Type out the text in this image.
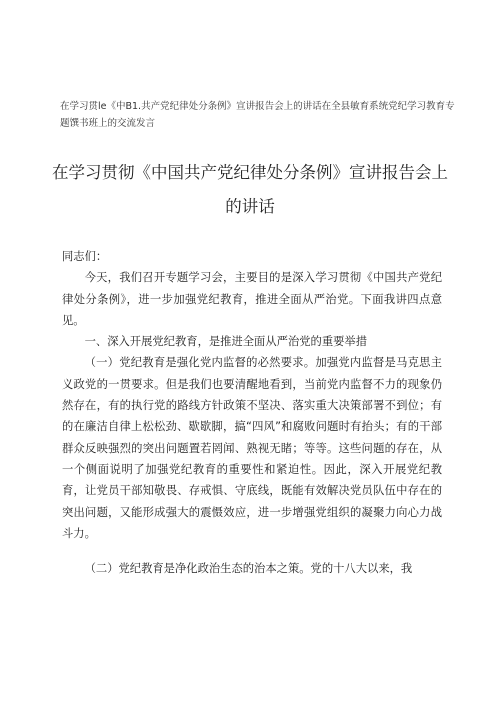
在学习贯le《中B1.共产党纪律处分条例》宣讲报告会上的讲话在全县敏育系统党纪学习教育专题馔书班上的交流发言
在学习贯彻《中国共产党纪律处分条例》宣讲报告会上
的讲话

同志们：

今天，我们召开专题学习会，主要目的是深入学习贯彻《中国共产党纪律处分条例》，进一步加强党纪教育，推进全面从严治党。下面我讲四点意见。

一、深入开展党纪教育，是推进全面从严治党的重要举措

（一）党纪教育是强化党内监督的必然要求。加强党内监督是马克思主义政党的一贯要求。但是我们也要清醒地看到，当前党内监督不力的现象仍然存在，有的执行党的路线方针政策不坚决、落实重大决策部署不到位；有的在廉洁自律上松松劲、歇歇脚，搞“四风”和腐败问题时有抬头；有的干部群众反映强烈的突出问题置若罔闻、熟视无睹；等等。这些问题的存在，从一个侧面说明了加强党纪教育的重要性和紧迫性。因此，深入开展党纪教育，让党员干部知敬畏、存戒惧、守底线，既能有效解决党员队伍中存在的突出问题，又能形成强大的震慑效应，进一步增强党组织的凝聚力向心力战斗力。

（二）党纪教育是净化政治生态的治本之策。党的十八大以来，我
